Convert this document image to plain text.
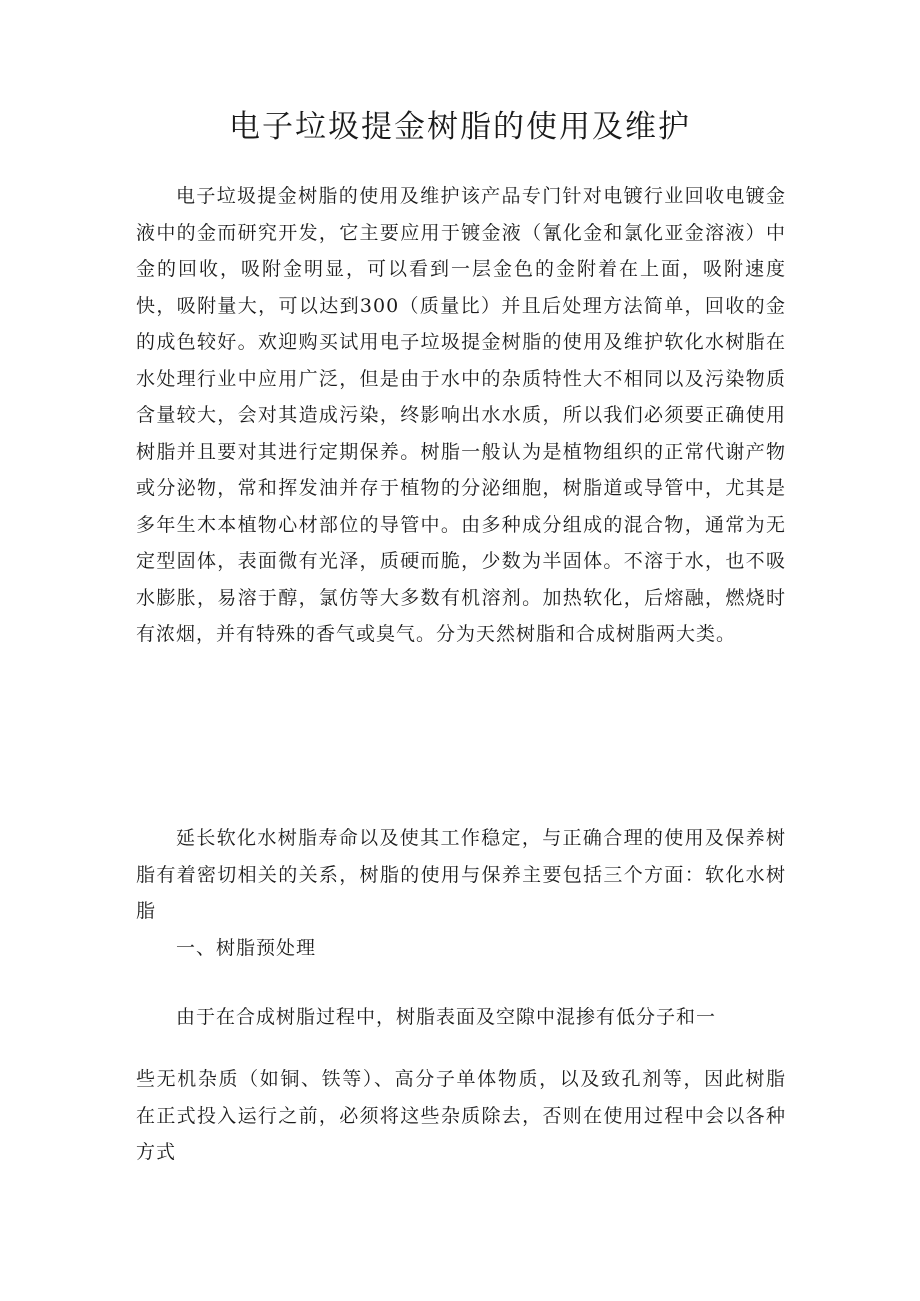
电子垃圾提金树脂的使用及维护

电子垃圾提金树脂的使用及维护该产品专门针对电镀行业回收电镀金液中的金而研究开发，它主要应用于镀金液（氰化金和氯化亚金溶液）中金的回收，吸附金明显，可以看到一层金色的金附着在上面，吸附速度快，吸附量大，可以达到300（质量比）并且后处理方法简单，回收的金的成色较好。欢迎购买试用电子垃圾提金树脂的使用及维护软化水树脂在水处理行业中应用广泛，但是由于水中的杂质特性大不相同以及污染物质含量较大，会对其造成污染，终影响出水水质，所以我们必须要正确使用树脂并且要对其进行定期保养。树脂一般认为是植物组织的正常代谢产物或分泌物，常和挥发油并存于植物的分泌细胞，树脂道或导管中，尤其是多年生木本植物心材部位的导管中。由多种成分组成的混合物，通常为无定型固体，表面微有光泽，质硬而脆，少数为半固体。不溶于水，也不吸水膨胀，易溶于醇，氯仿等大多数有机溶剂。加热软化，后熔融，燃烧时有浓烟，并有特殊的香气或臭气。分为天然树脂和合成树脂两大类。

延长软化水树脂寿命以及使其工作稳定，与正确合理的使用及保养树脂有着密切相关的关系，树脂的使用与保养主要包括三个方面：软化水树脂

一、树脂预处理

由于在合成树脂过程中，树脂表面及空隙中混掺有低分子和一

些无机杂质（如铜、铁等）、高分子单体物质，以及致孔剂等，因此树脂在正式投入运行之前，必须将这些杂质除去，否则在使用过程中会以各种方式
